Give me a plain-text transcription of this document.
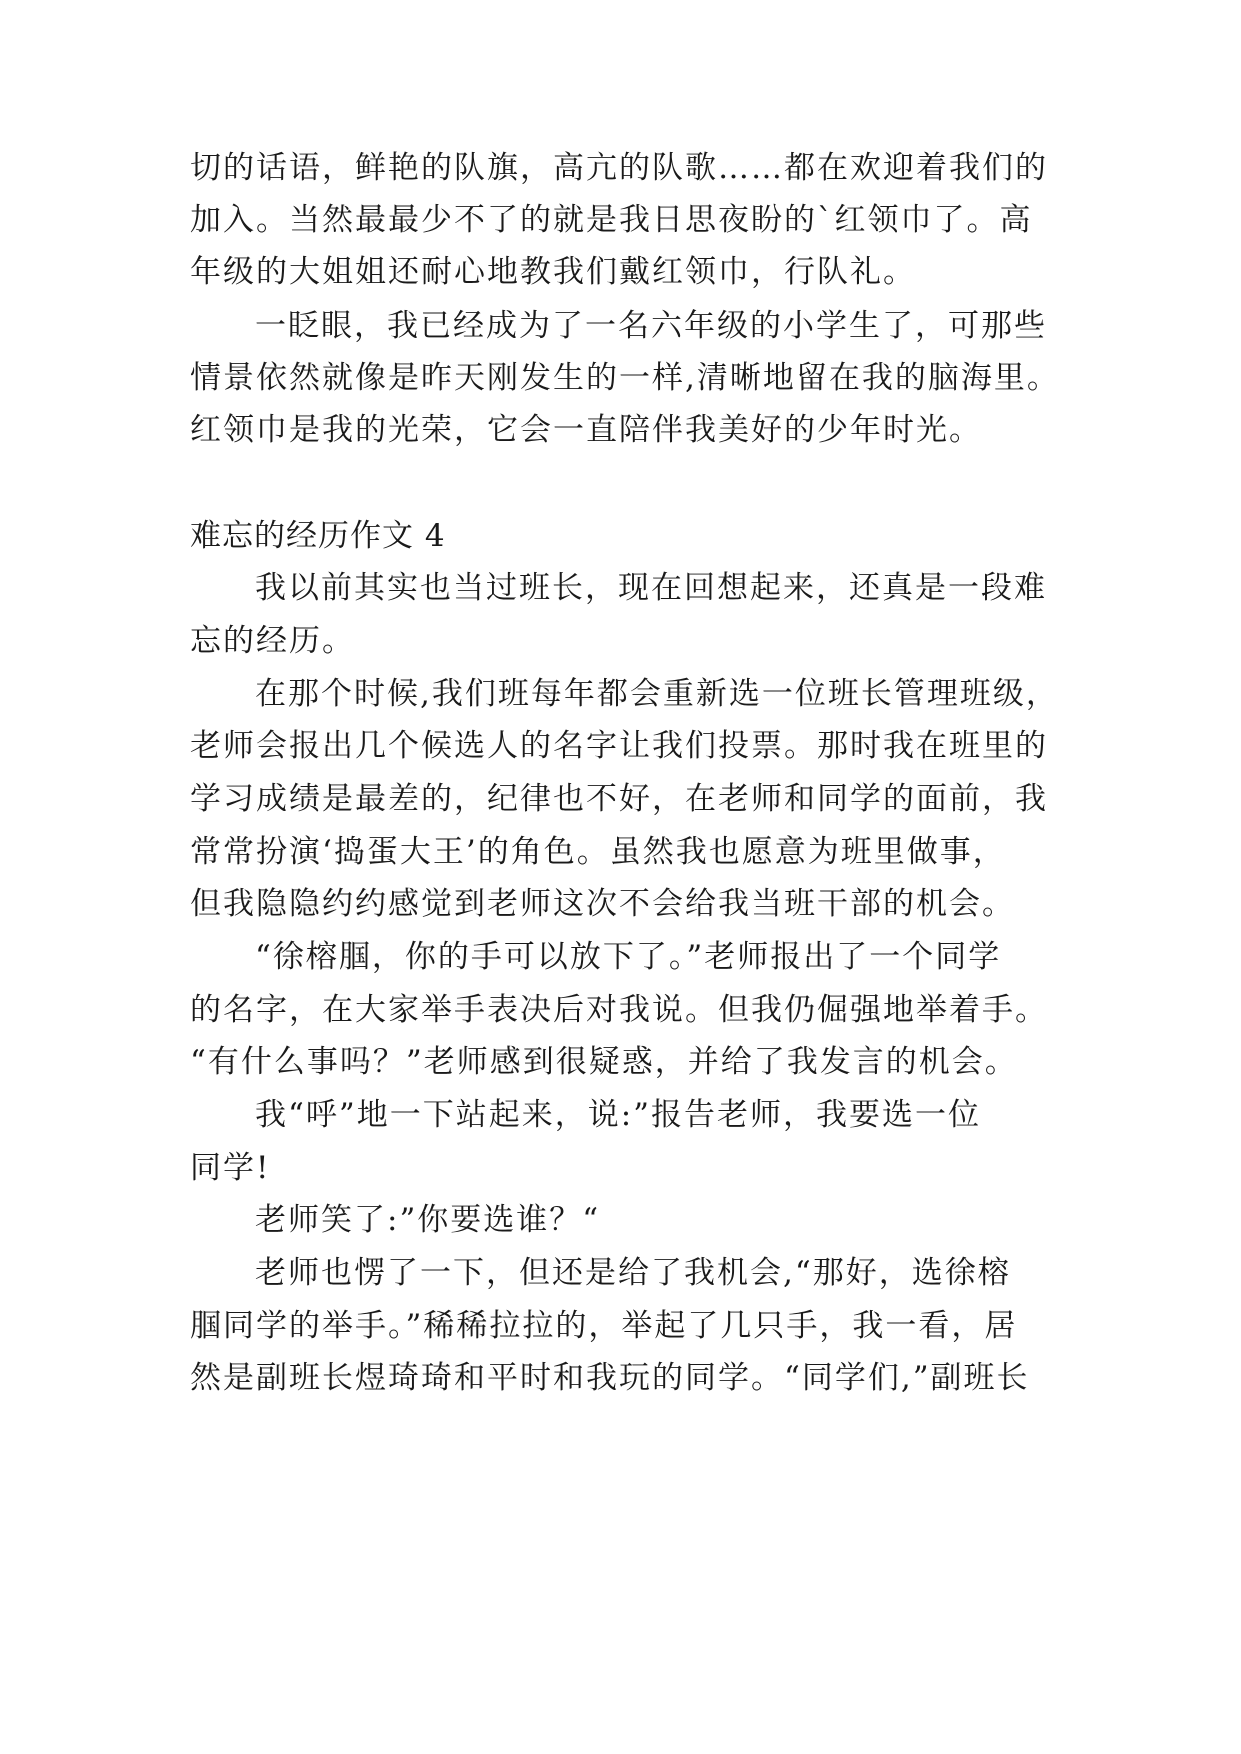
切的话语，鲜艳的队旗，高亢的队歌……都在欢迎着我们的
加入。当然最最少不了的就是我日思夜盼的`红领巾了。高
年级的大姐姐还耐心地教我们戴红领巾，行队礼。
一眨眼，我已经成为了一名六年级的小学生了，可那些
情景依然就像是昨天刚发生的一样,清晰地留在我的脑海里。
红领巾是我的光荣，它会一直陪伴我美好的少年时光。
难忘的经历作文 4
我以前其实也当过班长，现在回想起来，还真是一段难
忘的经历。
在那个时候,我们班每年都会重新选一位班长管理班级，
老师会报出几个候选人的名字让我们投票。那时我在班里的
学习成绩是最差的，纪律也不好，在老师和同学的面前，我
常常扮演‘捣蛋大王’的角色。虽然我也愿意为班里做事，
但我隐隐约约感觉到老师这次不会给我当班干部的机会。
“徐榕腘，你的手可以放下了。”老师报出了一个同学
的名字，在大家举手表决后对我说。但我仍倔强地举着手。
“有什么事吗？”老师感到很疑惑，并给了我发言的机会。
我“呼”地一下站起来，说:”报告老师，我要选一位
同学!
老师笑了:”你要选谁？“
老师也愣了一下，但还是给了我机会,“那好，选徐榕
腘同学的举手。”稀稀拉拉的，举起了几只手，我一看，居
然是副班长煜琦琦和平时和我玩的同学。“同学们,”副班长
